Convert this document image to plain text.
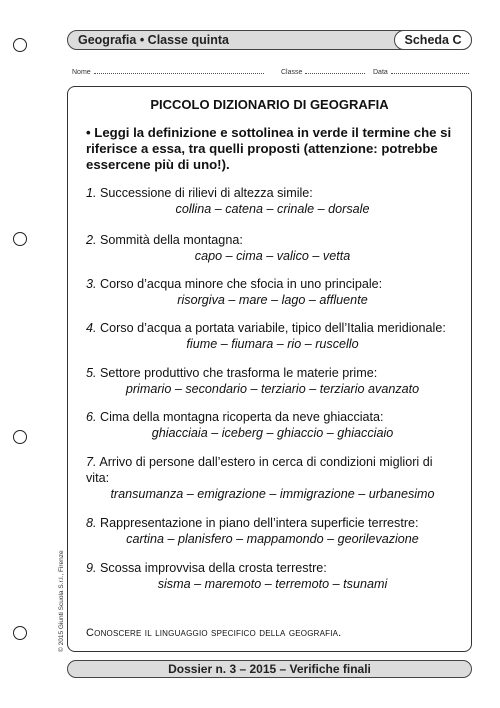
Geografia • Classe quinta	Scheda C
Nome	Classe	Data
PICCOLO DIZIONARIO DI GEOGRAFIA
• Leggi la definizione e sottolinea in verde il termine che si riferisce a essa, tra quelli proposti (attenzione: potrebbe essercene più di uno!).
1. Successione di rilievi di altezza simile:
collina – catena – crinale – dorsale
2. Sommità della montagna:
capo – cima – valico – vetta
3. Corso d’acqua minore che sfocia in uno principale:
risorgiva – mare – lago – affluente
4. Corso d’acqua a portata variabile, tipico dell’Italia meridionale:
fiume – fiumara – rio – ruscello
5. Settore produttivo che trasforma le materie prime:
primario – secondario – terziario – terziario avanzato
6. Cima della montagna ricoperta da neve ghiacciata:
ghiacciaia – iceberg – ghiaccio – ghiacciaio
7. Arrivo di persone dall’estero in cerca di condizioni migliori di vita:
transumanza – emigrazione – immigrazione – urbanesimo
8. Rappresentazione in piano dell’intera superficie terrestre:
cartina – planisfero – mappamondo – georilevazione
9. Scossa improvvisa della crosta terrestre:
sisma – maremoto – terremoto – tsunami
Conoscere il linguaggio specifico della geografia.
Dossier n. 3 – 2015 – Verifiche finali
© 2015 Giunti Scuola S.r.l., Firenze
